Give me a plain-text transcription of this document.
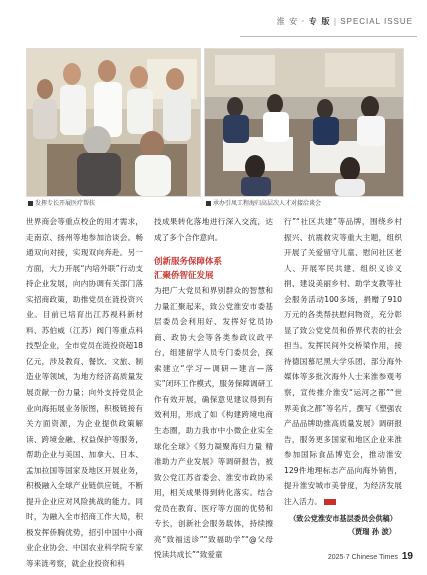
淮 安 · 专 版 | SPECIAL ISSUE
发挥专长开展医疗帮扶	承办引凤工程海归高层次人才对接洽谈会

世界商会等重点校企的用才需求，走南京、扬州等地参加洽谈会。畅通双向对接，实现双向奔赴。另一方面，大力开展“内培外联”行动支持企业发展，向内协调有关部门落实招商政策，助推党员在涟投资兴业。目前已培育出江苏视科新材料、苏伯威（江苏）阀门等重点科技型企业，全市党员在涟投资超18亿元，涉及教育、餐饮、文旅、制造业等领域，为地方经济高质量发展贡献一份力量；向外支持党员企业向海拓展业务版图，积极链接有关方面资源，为企业提供政策解读、跨境金融、权益保护等服务，帮助企业与美国、加拿大、日本、孟加拉国等国家及地区开展业务，积极融入全球产业链供应链，不断提升企业应对风险挑战的能力。同时，为融入全市招商工作大局，积极发挥侨胸优势，招引中国中小商业企业协会、中国农业科学院专家等来涟考察，就企业投资和科

技成果转化落地进行深入交流，达成了多个合作意向。

创新服务保障体系
汇聚侨智征发展

为把广大党员和界别群众的智慧和力量汇聚起来，致公党淮安市委基层委员会利用好、发挥好党员协商、政协大会等各类参政议政平台，组建留学人员专门委员会，探索建立“学习—调研—建言—落实”闭环工作模式，服务保障调研工作有效开展，确保意见建议得到有效利用，形成了如《构建跨境电商生态圈，助力我市中小微企业实全球化全球》《努力凝聚海归力量 精准助力产业发展》等调研报告，被致公党江苏省委会、淮安市政协采用，相关成果得到转化落实。结合党员在教育、医疗等方面的优势和专长，创新社会服务载体，持续擦亮“致福送诊”“致福助学”“@父母 悦读共成长”“致爱童

行”“社区共建”等品牌，围绕乡村振兴、抗震救灾等重大主题，组织开展了关爱留守儿童、慰问社区老人、开展军民共建、组织义诊义捐、建设美丽乡村、助学支教等社会服务活动100多场，捐赠了910万元的各类帮扶慰问物资，充分彰显了致公党党员和侨界代表的社会担当。发挥民间外交桥梁作用，接待德国慕尼黑大学乐团、部分海外媒体等多批次海外人士来淮参观考察，宣传推介淮安“运河之都”“世界美食之都”等名片，撰写《塑强农产品品牌助推高质量发展》调研报告，服务更多国家和地区企业来淮参加国际食品博览会，推动淮安129件地理标志产品向海外销售，提升淮安城市美誉度，为经济发展注入活力。

（致公党淮安市基层委员会供稿）
（贾瑞 孙 波）
2025·7 Chinese Times 19
